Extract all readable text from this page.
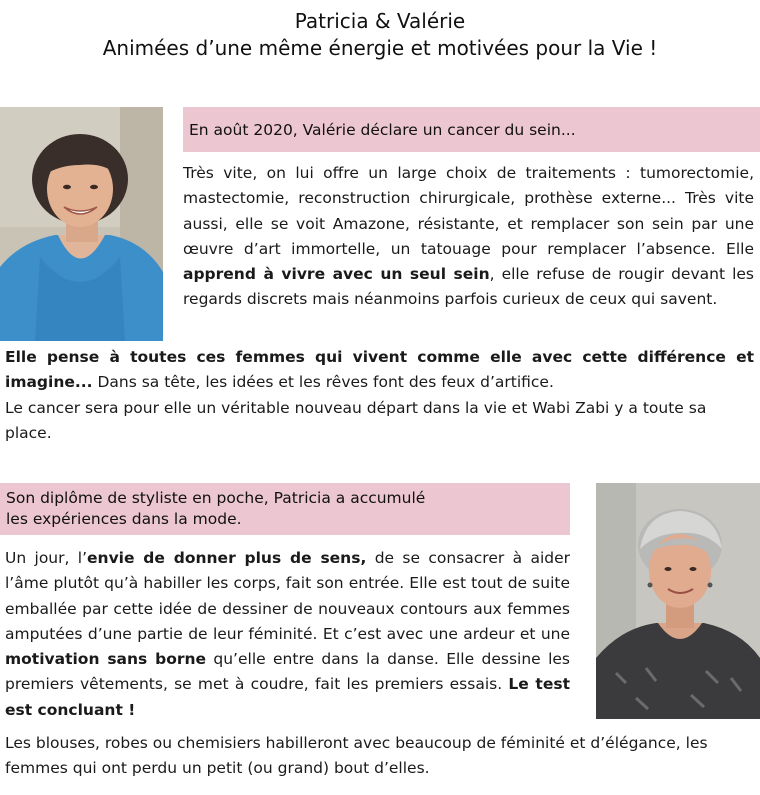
Patricia & Valérie
Animées d’une même énergie et motivées pour la Vie !
En août 2020, Valérie déclare un cancer du sein...

Très vite, on lui offre un large choix de traitements : tumorectomie, mastectomie, reconstruction chirurgicale, prothèse externe... Très vite aussi, elle se voit Amazone, résistante, et remplacer son sein par une œuvre d’art immortelle, un tatouage pour remplacer l’absence. Elle apprend à vivre avec un seul sein, elle refuse de rougir devant les regards discrets mais néanmoins parfois curieux de ceux qui savent.

Elle pense à toutes ces femmes qui vivent comme elle avec cette différence et imagine... Dans sa tête, les idées et les rêves font des feux d’artifice.

Le cancer sera pour elle un véritable nouveau départ dans la vie et Wabi Zabi y a toute sa place.

Son diplôme de styliste en poche, Patricia a accumulé
les expériences dans la mode.

Un jour, l’envie de donner plus de sens, de se consacrer à aider l’âme plutôt qu’à habiller les corps, fait son entrée. Elle est tout de suite emballée par cette idée de dessiner de nouveaux contours aux femmes amputées d’une partie de leur féminité. Et c’est avec une ardeur et une motivation sans borne qu’elle entre dans la danse. Elle dessine les premiers vêtements, se met à coudre, fait les premiers essais. Le test est concluant !

Les blouses, robes ou chemisiers habilleront avec beaucoup de féminité et d’élégance, les femmes qui ont perdu un petit (ou grand) bout d’elles.
